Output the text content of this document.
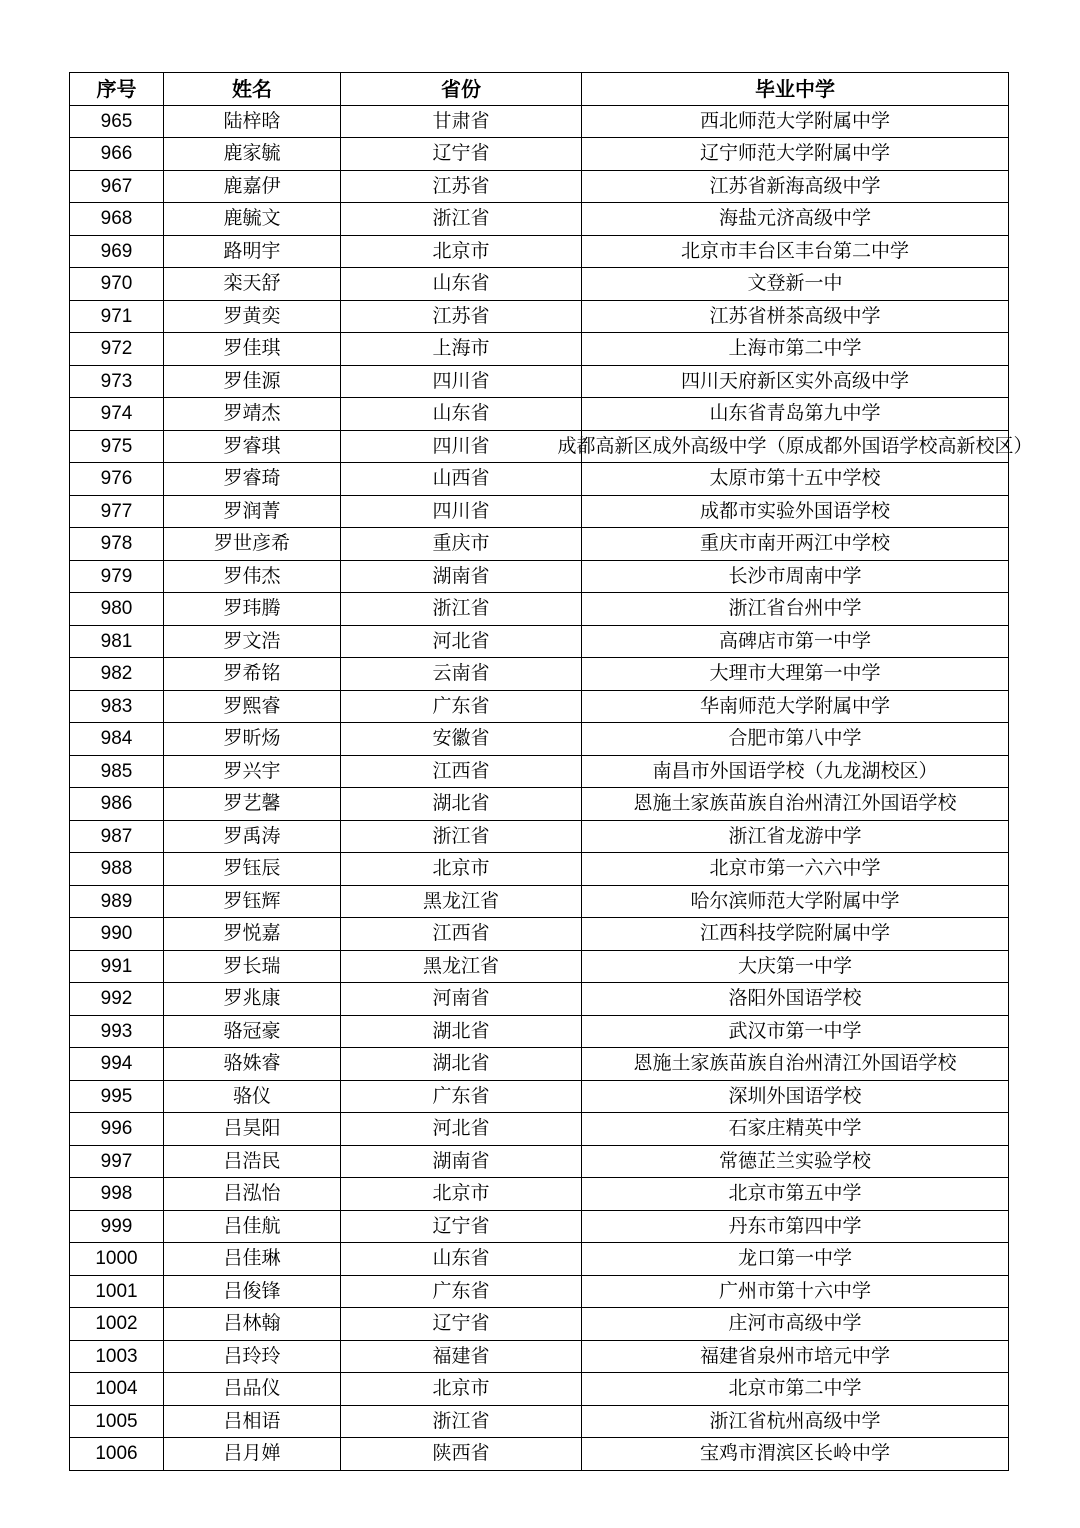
序号	姓名	省份	毕业中学
965	陆梓晗	甘肃省	西北师范大学附属中学
966	鹿家毓	辽宁省	辽宁师范大学附属中学
967	鹿嘉伊	江苏省	江苏省新海高级中学
968	鹿毓文	浙江省	海盐元济高级中学
969	路明宇	北京市	北京市丰台区丰台第二中学
970	栾天舒	山东省	文登新一中
971	罗黄奕	江苏省	江苏省栟茶高级中学
972	罗佳琪	上海市	上海市第二中学
973	罗佳源	四川省	四川天府新区实外高级中学
974	罗靖杰	山东省	山东省青岛第九中学
975	罗睿琪	四川省	成都高新区成外高级中学（原成都外国语学校高新校区）

976	罗睿琦	山西省	太原市第十五中学校
977	罗润菁	四川省	成都市实验外国语学校
978	罗世彦希	重庆市	重庆市南开两江中学校
979	罗伟杰	湖南省	长沙市周南中学
980	罗玮腾	浙江省	浙江省台州中学
981	罗文浩	河北省	高碑店市第一中学
982	罗希铭	云南省	大理市大理第一中学
983	罗熙睿	广东省	华南师范大学附属中学
984	罗昕炀	安徽省	合肥市第八中学
985	罗兴宇	江西省	南昌市外国语学校（九龙湖校区）
986	罗艺馨	湖北省	恩施土家族苗族自治州清江外国语学校
987	罗禹涛	浙江省	浙江省龙游中学
988	罗钰辰	北京市	北京市第一六六中学
989	罗钰辉	黑龙江省	哈尔滨师范大学附属中学
990	罗悦嘉	江西省	江西科技学院附属中学
991	罗长瑞	黑龙江省	大庆第一中学
992	罗兆康	河南省	洛阳外国语学校
993	骆冠豪	湖北省	武汉市第一中学
994	骆姝睿	湖北省	恩施土家族苗族自治州清江外国语学校
995	骆仪	广东省	深圳外国语学校
996	吕昊阳	河北省	石家庄精英中学
997	吕浩民	湖南省	常德芷兰实验学校
998	吕泓怡	北京市	北京市第五中学
999	吕佳航	辽宁省	丹东市第四中学
1000	吕佳琳	山东省	龙口第一中学
1001	吕俊锋	广东省	广州市第十六中学
1002	吕林翰	辽宁省	庄河市高级中学
1003	吕玲玲	福建省	福建省泉州市培元中学
1004	吕品仪	北京市	北京市第二中学
1005	吕相语	浙江省	浙江省杭州高级中学
1006	吕月婵	陕西省	宝鸡市渭滨区长岭中学
